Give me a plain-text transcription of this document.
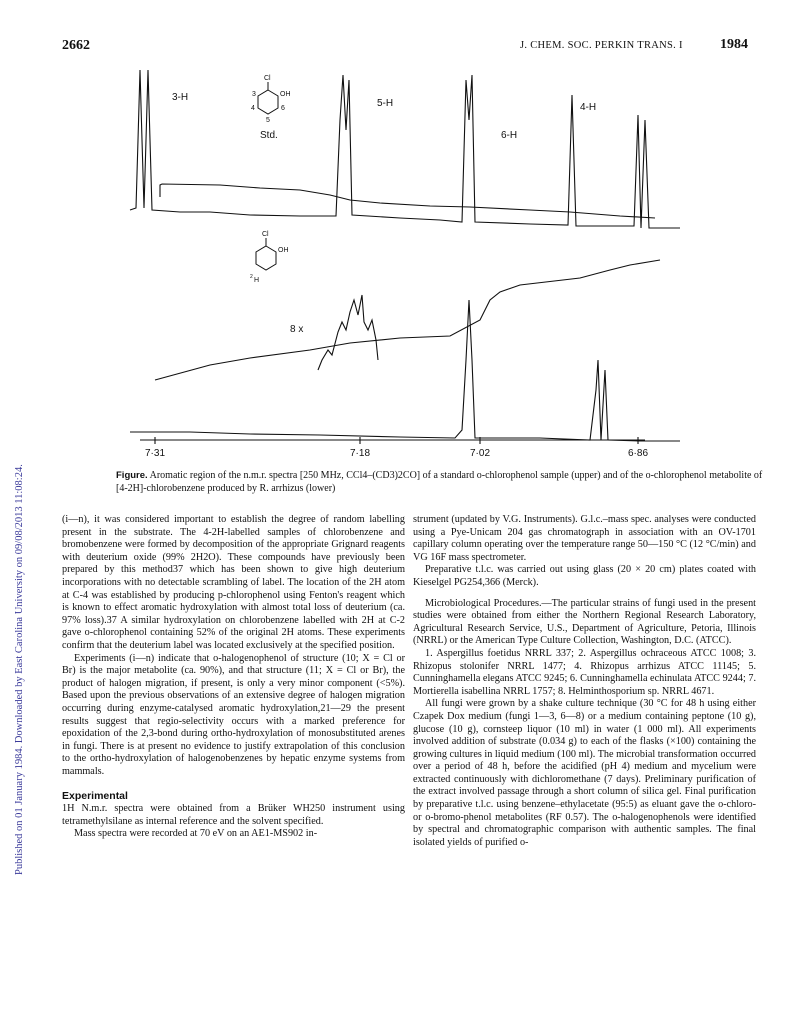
2662	J. CHEM. SOC. PERKIN TRANS. I	1984
Published on 01 January 1984. Downloaded by East Carolina University on 09/08/2013 11:08:24.
3-H
5-H
6-H
4-H
Std.
8 x
Cl
OH
3
4
5
6
Cl
OH
2 H
7·31	7·18	7·02	6·86
Figure. Aromatic region of the n.m.r. spectra [250 MHz, CCl4–(CD3)2CO] of a standard o-chlorophenol sample (upper) and of the o-chlorophenol metabolite of [4-2H]-chlorobenzene produced by R. arrhizus (lower)

(i—n), it was considered important to establish the degree of random labelling present in the substrate. The 4-2H-labelled samples of chlorobenzene and bromobenzene were formed by decomposition of the appropriate Grignard reagents with deuterium oxide (99% 2H2O). These compounds have previously been prepared by this method37 which has been shown to give high deuterium incorporations with no detectable scrambling of label. The location of the 2H atom at C-4 was established by producing p-chlorophenol using Fenton's reagent which is known to effect aromatic hydroxylation with almost total loss of deuterium (ca. 97% loss).37 A similar hydroxylation on chlorobenzene labelled with 2H at C-2 gave o-chlorophenol containing 52% of the original 2H atoms. These experiments confirm that the deuterium label was located exclusively at the specified position.

Experiments (i—n) indicate that o-halogenophenol of structure (10; X = Cl or Br) is the major metabolite (ca. 90%), and that structure (11; X = Cl or Br), the product of halogen migration, if present, is only a very minor component (<5%). Based upon the previous observations of an extensive degree of halogen migration occurring during enzyme-catalysed aromatic hydroxylation,21—29 the present results suggest that regio-selectivity occurs with a marked preference for epoxidation of the 2,3-bond during ortho-hydroxylation of monosubstituted arenes in fungi. There is at present no evidence to justify extrapolation of this conclusion to the ortho-hydroxylation of halogenobenzenes by hepatic enzyme systems from mammals.

Experimental

1H N.m.r. spectra were obtained from a Brüker WH250 instrument using tetramethylsilane as internal reference and the solvent specified.

Mass spectra were recorded at 70 eV on an AE1-MS902 in-

strument (updated by V.G. Instruments). G.l.c.–mass spec. analyses were conducted using a Pye-Unicam 204 gas chromatograph in association with an OV-1701 capillary column operating over the temperature range 50—150 °C (12 °C/min) and VG 16F mass spectrometer.

Preparative t.l.c. was carried out using glass (20 × 20 cm) plates coated with Kieselgel PG254,366 (Merck).

Microbiological Procedures.—The particular strains of fungi used in the present studies were obtained from either the Northern Regional Research Laboratory, Agricultural Research Service, U.S., Department of Agriculture, Petoria, Illinois (NRRL) or the American Type Culture Collection, Washington, D.C. (ATCC).

1. Aspergillus foetidus NRRL 337; 2. Aspergillus ochraceous ATCC 1008; 3. Rhizopus stolonifer NRRL 1477; 4. Rhizopus arrhizus ATCC 11145; 5. Cunninghamella elegans ATCC 9245; 6. Cunninghamella echinulata ATCC 9244; 7. Mortierella isabellina NRRL 1757; 8. Helminthosporium sp. NRRL 4671.

All fungi were grown by a shake culture technique (30 °C for 48 h using either Czapek Dox medium (fungi 1—3, 6—8) or a medium containing peptone (10 g), glucose (10 g), cornsteep liquor (10 ml) in water (1 000 ml). All experiments involved addition of substrate (0.034 g) to each of the flasks (×100) containing the growing cultures in liquid medium (100 ml). The microbial transformation occurred over a period of 48 h, before the acidified (pH 4) medium and mycelium were extracted continuously with dichloromethane (7 days). Preliminary purification of the extract involved passage through a short column of silica gel. Final purification by preparative t.l.c. using benzene–ethylacetate (95:5) as eluant gave the o-chloro- or o-bromo-phenol metabolites (RF 0.57). The o-halogenophenols were identified by spectral and chromatographic comparison with authentic samples. The final isolated yields of purified o-
